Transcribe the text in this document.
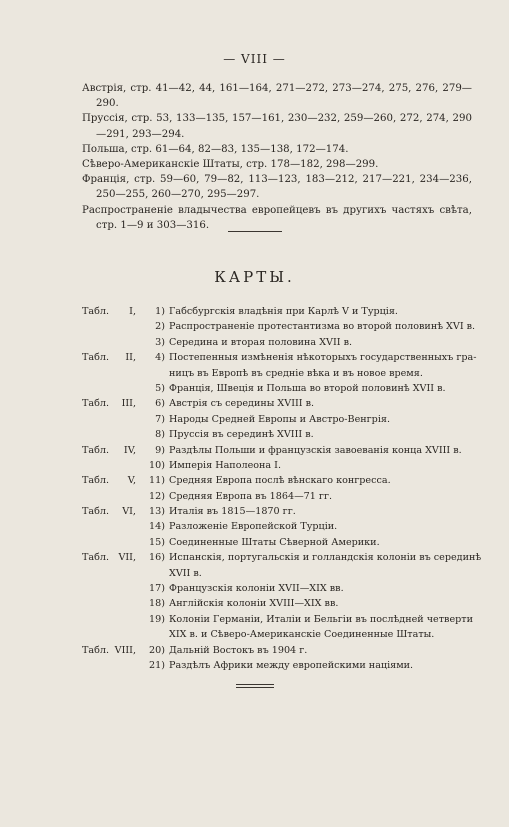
— VIII —
Австрія, стр. 41—42, 44, 161—164, 271—272, 273—274, 275, 276, 279—290.
Пруссія, стр. 53, 133—135, 157—161, 230—232, 259—260, 272, 274, 290—291, 293—294.
Польша, стр. 61—64, 82—83, 135—138, 172—174.
Сѣверо-Американскіе Штаты, стр. 178—182, 298—299.
Франція, стр. 59—60, 79—82, 113—123, 183—212, 217—221, 234—236, 250—255, 260—270, 295—297.
Распространеніе владычества европейцевъ въ другихъ частяхъ свѣта, стр. 1—9 и 303—316.
КАРТЫ.
Табл. I, 1) Габсбургскія владѣнія при Карлѣ V и Турція.
2) Распространеніе протестантизма во второй половинѣ XVI в.
3) Середина и вторая половина XVII в.
Табл. II, 4) Постепенныя измѣненія нѣкоторыхъ государственныхъ гра-
ницъ въ Европѣ въ средніе вѣка и въ новое время.
5) Франція, Швеція и Польша во второй половинѣ XVII в.
Табл. III, 6) Австрія съ середины XVIII в.
7) Народы Средней Европы и Австро-Венгрія.
8) Пруссія въ серединѣ XVIII в.
Табл. IV, 9) Раздѣлы Польши и французскія завоеванія конца XVIII в.
10) Имперія Наполеона I.
Табл. V, 11) Средняя Европа послѣ вѣнскаго конгресса.
12) Средняя Европа въ 1864—71 гг.
Табл. VI, 13) Италія въ 1815—1870 гг.
14) Разложеніе Европейской Турціи.
15) Соединенные Штаты Сѣверной Америки.
Табл. VII, 16) Испанскія, португальскія и голландскія колоніи въ серединѣ
XVII в.
17) Французскія колоніи XVII—XIX вв.
18) Англійскія колоніи XVIII—XIX вв.
19) Колоніи Германіи, Италіи и Бельгіи въ послѣдней четверти
XIX в. и Сѣверо-Американскіе Соединенные Штаты.
Табл. VIII, 20) Дальній Востокъ въ 1904 г.
21) Раздѣлъ Африки между европейскими націями.
